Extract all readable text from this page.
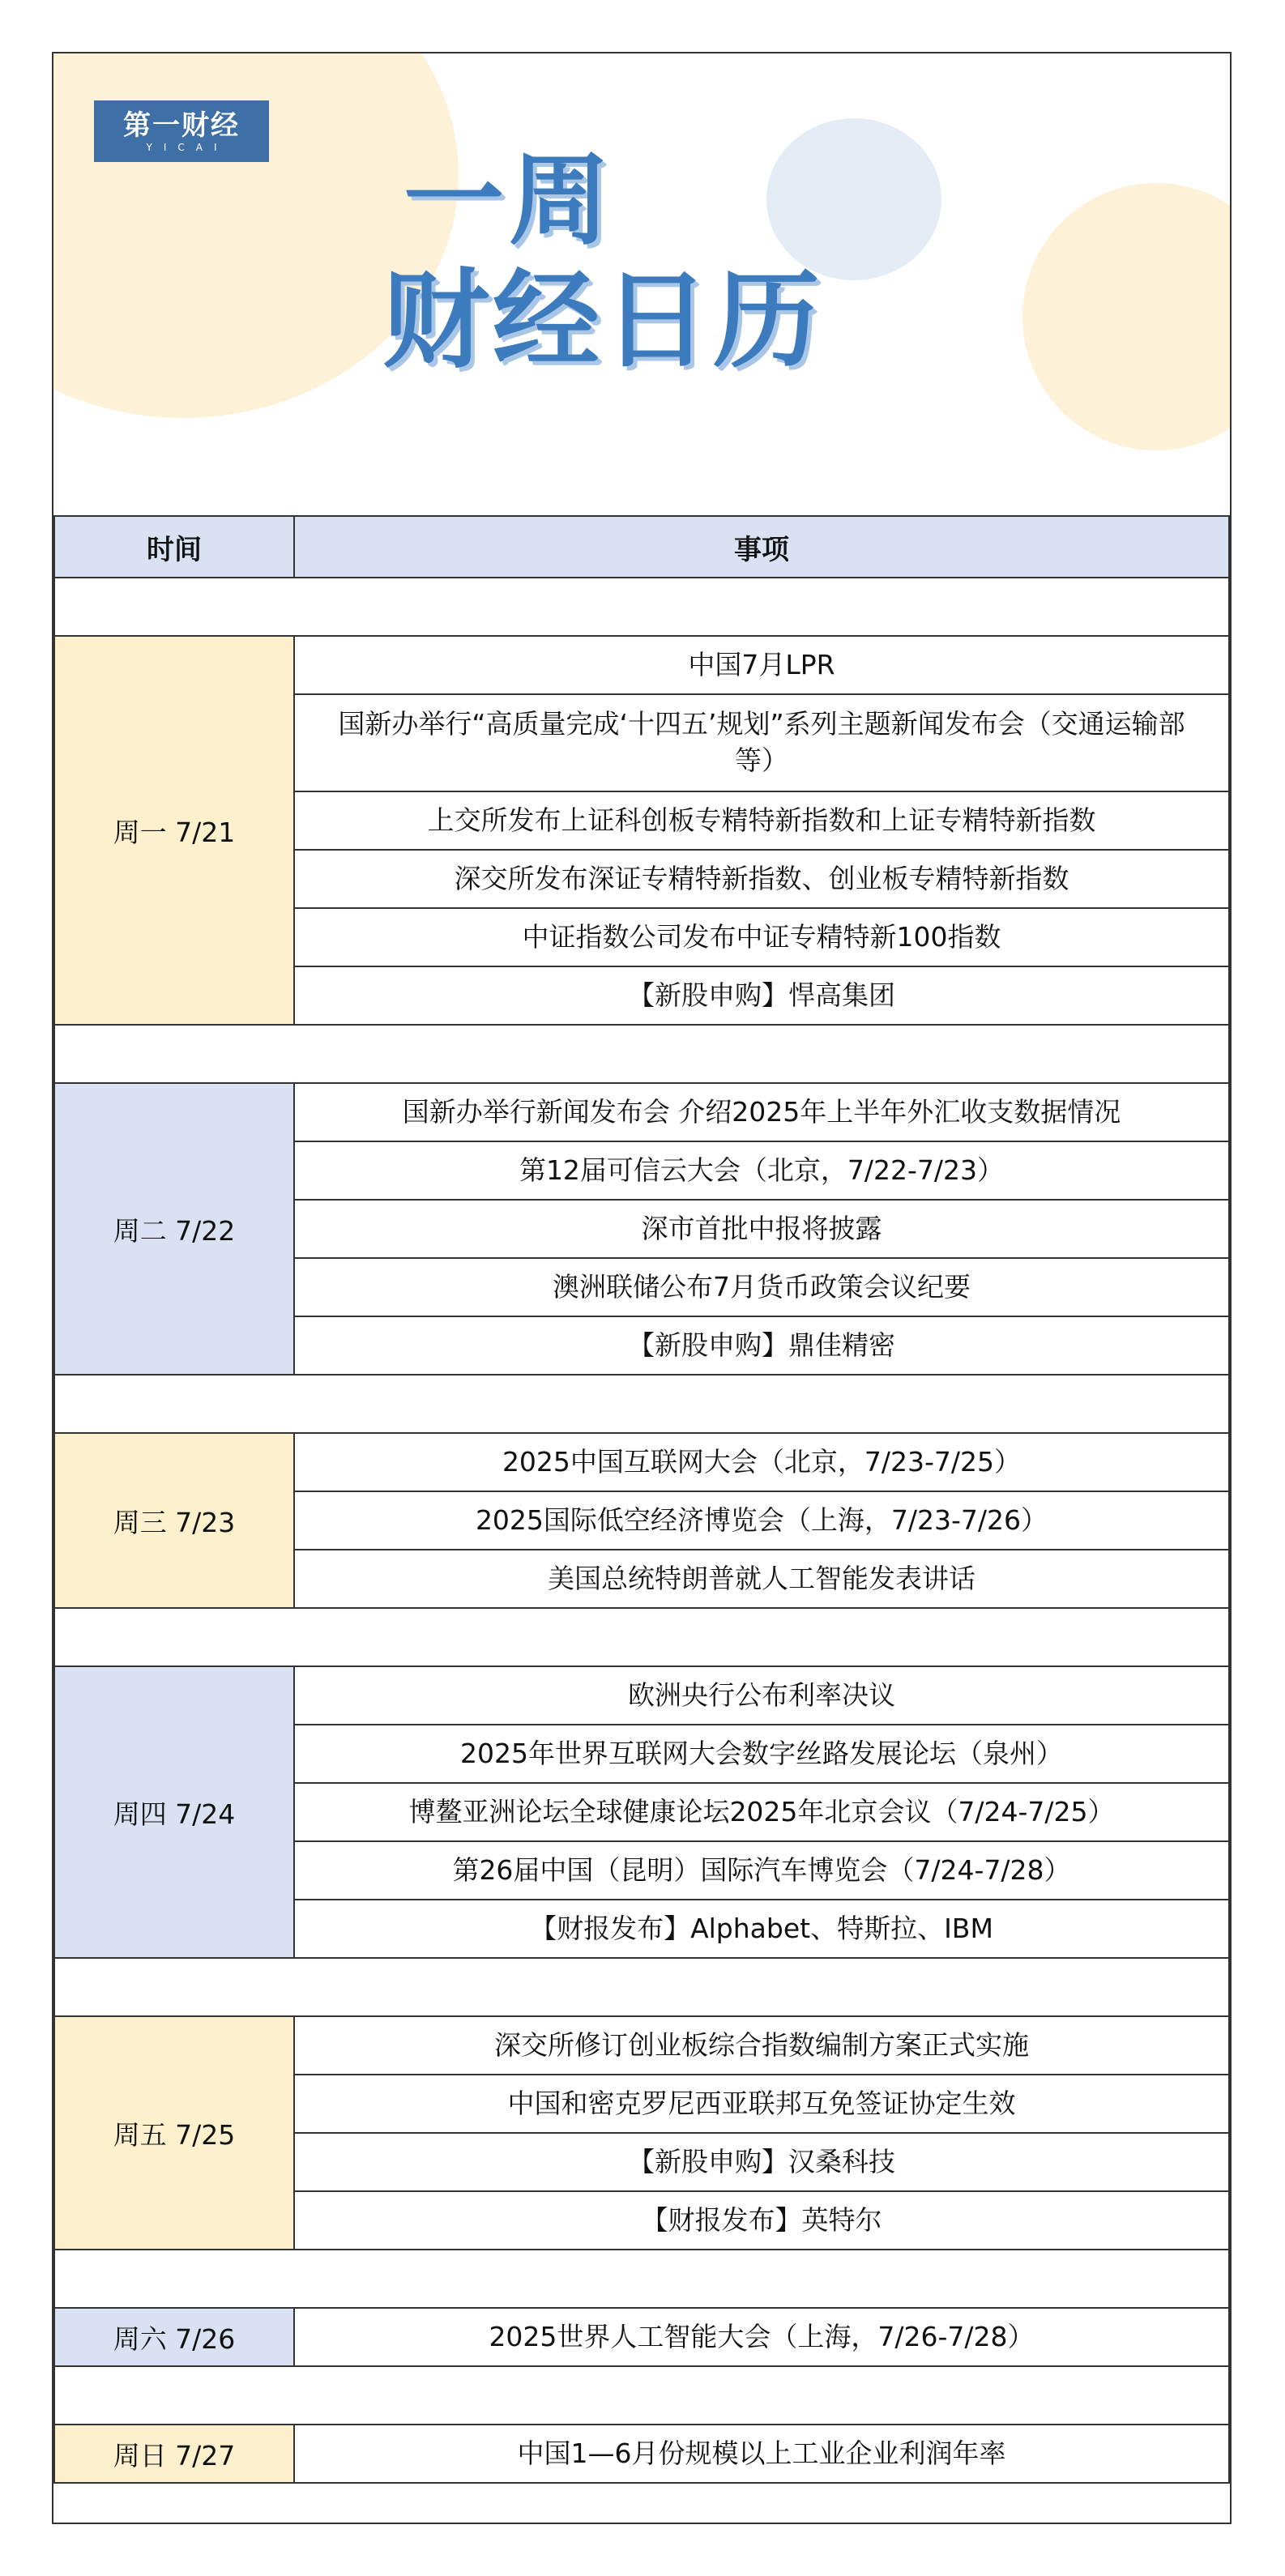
第一财经
YICAI 一周
财经日历
时间	事项

周一 7/21	中国7月LPR
	国新办举行“高质量完成‘十四五’规划”系列主题新闻发布会（交通运输部等）
	上交所发布上证科创板专精特新指数和上证专精特新指数
	深交所发布深证专精特新指数、创业板专精特新指数
	中证指数公司发布中证专精特新100指数
	【新股申购】悍高集团

周二 7/22	国新办举行新闻发布会 介绍2025年上半年外汇收支数据情况
	第12届可信云大会（北京，7/22-7/23）
	深市首批中报将披露
	澳洲联储公布7月货币政策会议纪要
	【新股申购】鼎佳精密

周三 7/23	2025中国互联网大会（北京，7/23-7/25）
	2025国际低空经济博览会（上海，7/23-7/26）
	美国总统特朗普就人工智能发表讲话

周四 7/24	欧洲央行公布利率决议
	2025年世界互联网大会数字丝路发展论坛（泉州）
	博鳌亚洲论坛全球健康论坛2025年北京会议（7/24-7/25）
	第26届中国（昆明）国际汽车博览会（7/24-7/28）
	【财报发布】Alphabet、特斯拉、IBM

周五 7/25	深交所修订创业板综合指数编制方案正式实施
	中国和密克罗尼西亚联邦互免签证协定生效
	【新股申购】汉桑科技
	【财报发布】英特尔

周六 7/26	2025世界人工智能大会（上海，7/26-7/28）

周日 7/27	中国1—6月份规模以上工业企业利润年率
